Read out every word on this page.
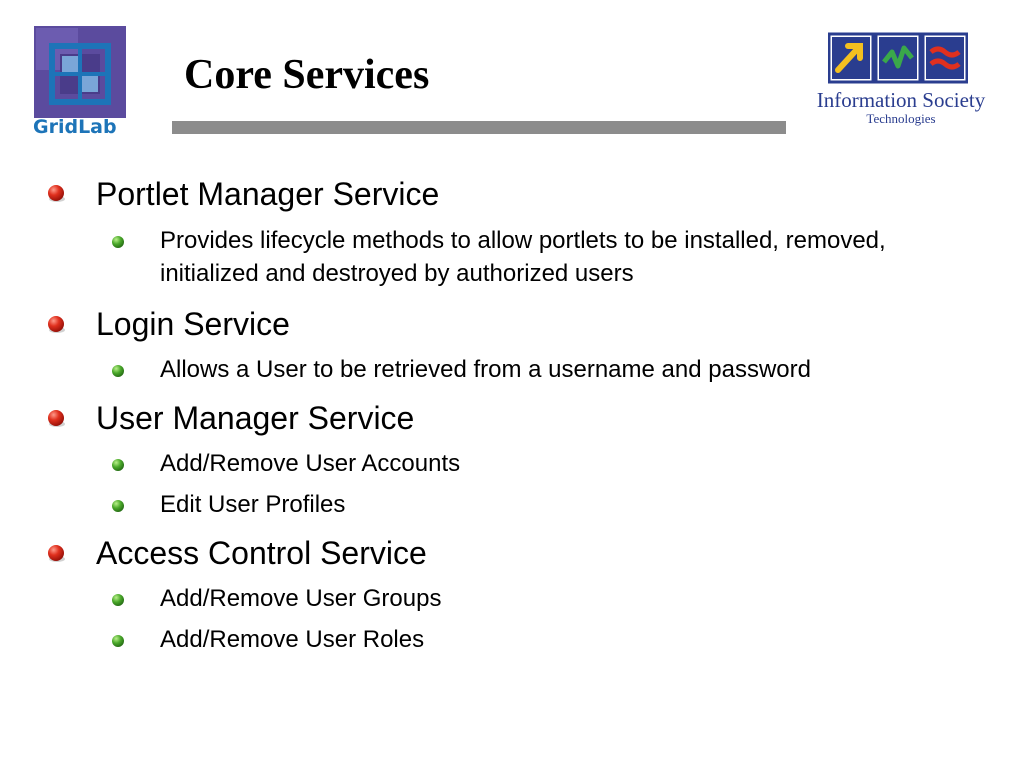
GridLab
Core Services
Information Society
Technologies
Portlet Manager Service
Provides lifecycle methods to allow portlets to be installed, removed, initialized and destroyed by authorized users
Login Service
Allows a User to be retrieved from a username and password
User Manager Service
Add/Remove User Accounts
Edit User Profiles
Access Control Service
Add/Remove User Groups
Add/Remove User Roles
